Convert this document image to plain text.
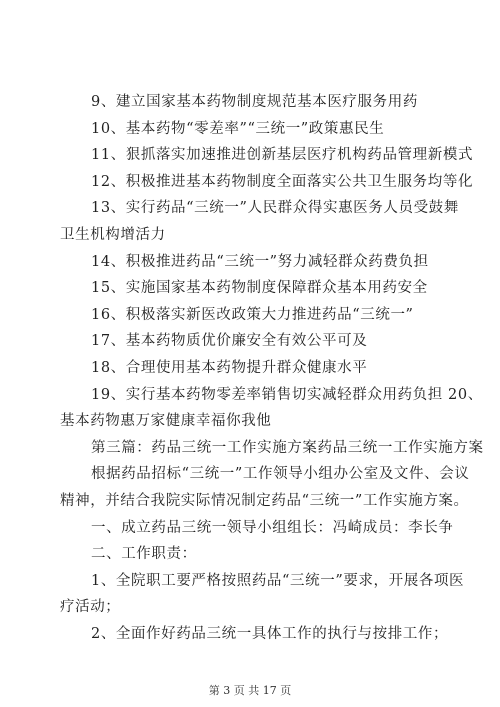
9、建立国家基本药物制度规范基本医疗服务用药
10、基本药物“零差率”“三统一”政策惠民生
11、狠抓落实加速推进创新基层医疗机构药品管理新模式
12、积极推进基本药物制度全面落实公共卫生服务均等化
13、实行药品“三统一”人民群众得实惠医务人员受鼓舞
卫生机构增活力
14、积极推进药品“三统一”努力减轻群众药费负担
15、实施国家基本药物制度保障群众基本用药安全
16、积极落实新医改政策大力推进药品“三统一”
17、基本药物质优价廉安全有效公平可及
18、合理使用基本药物提升群众健康水平
19、实行基本药物零差率销售切实减轻群众用药负担 20、
基本药物惠万家健康幸福你我他
第三篇：药品三统一工作实施方案药品三统一工作实施方案
根据药品招标“三统一”工作领导小组办公室及文件、会议
精神，并结合我院实际情况制定药品“三统一”工作实施方案。
一、成立药品三统一领导小组组长：冯崎成员：李长争
二、工作职责：
1、全院职工要严格按照药品“三统一”要求，开展各项医
疗活动；
2、全面作好药品三统一具体工作的执行与按排工作；
第 3 页 共 17 页
